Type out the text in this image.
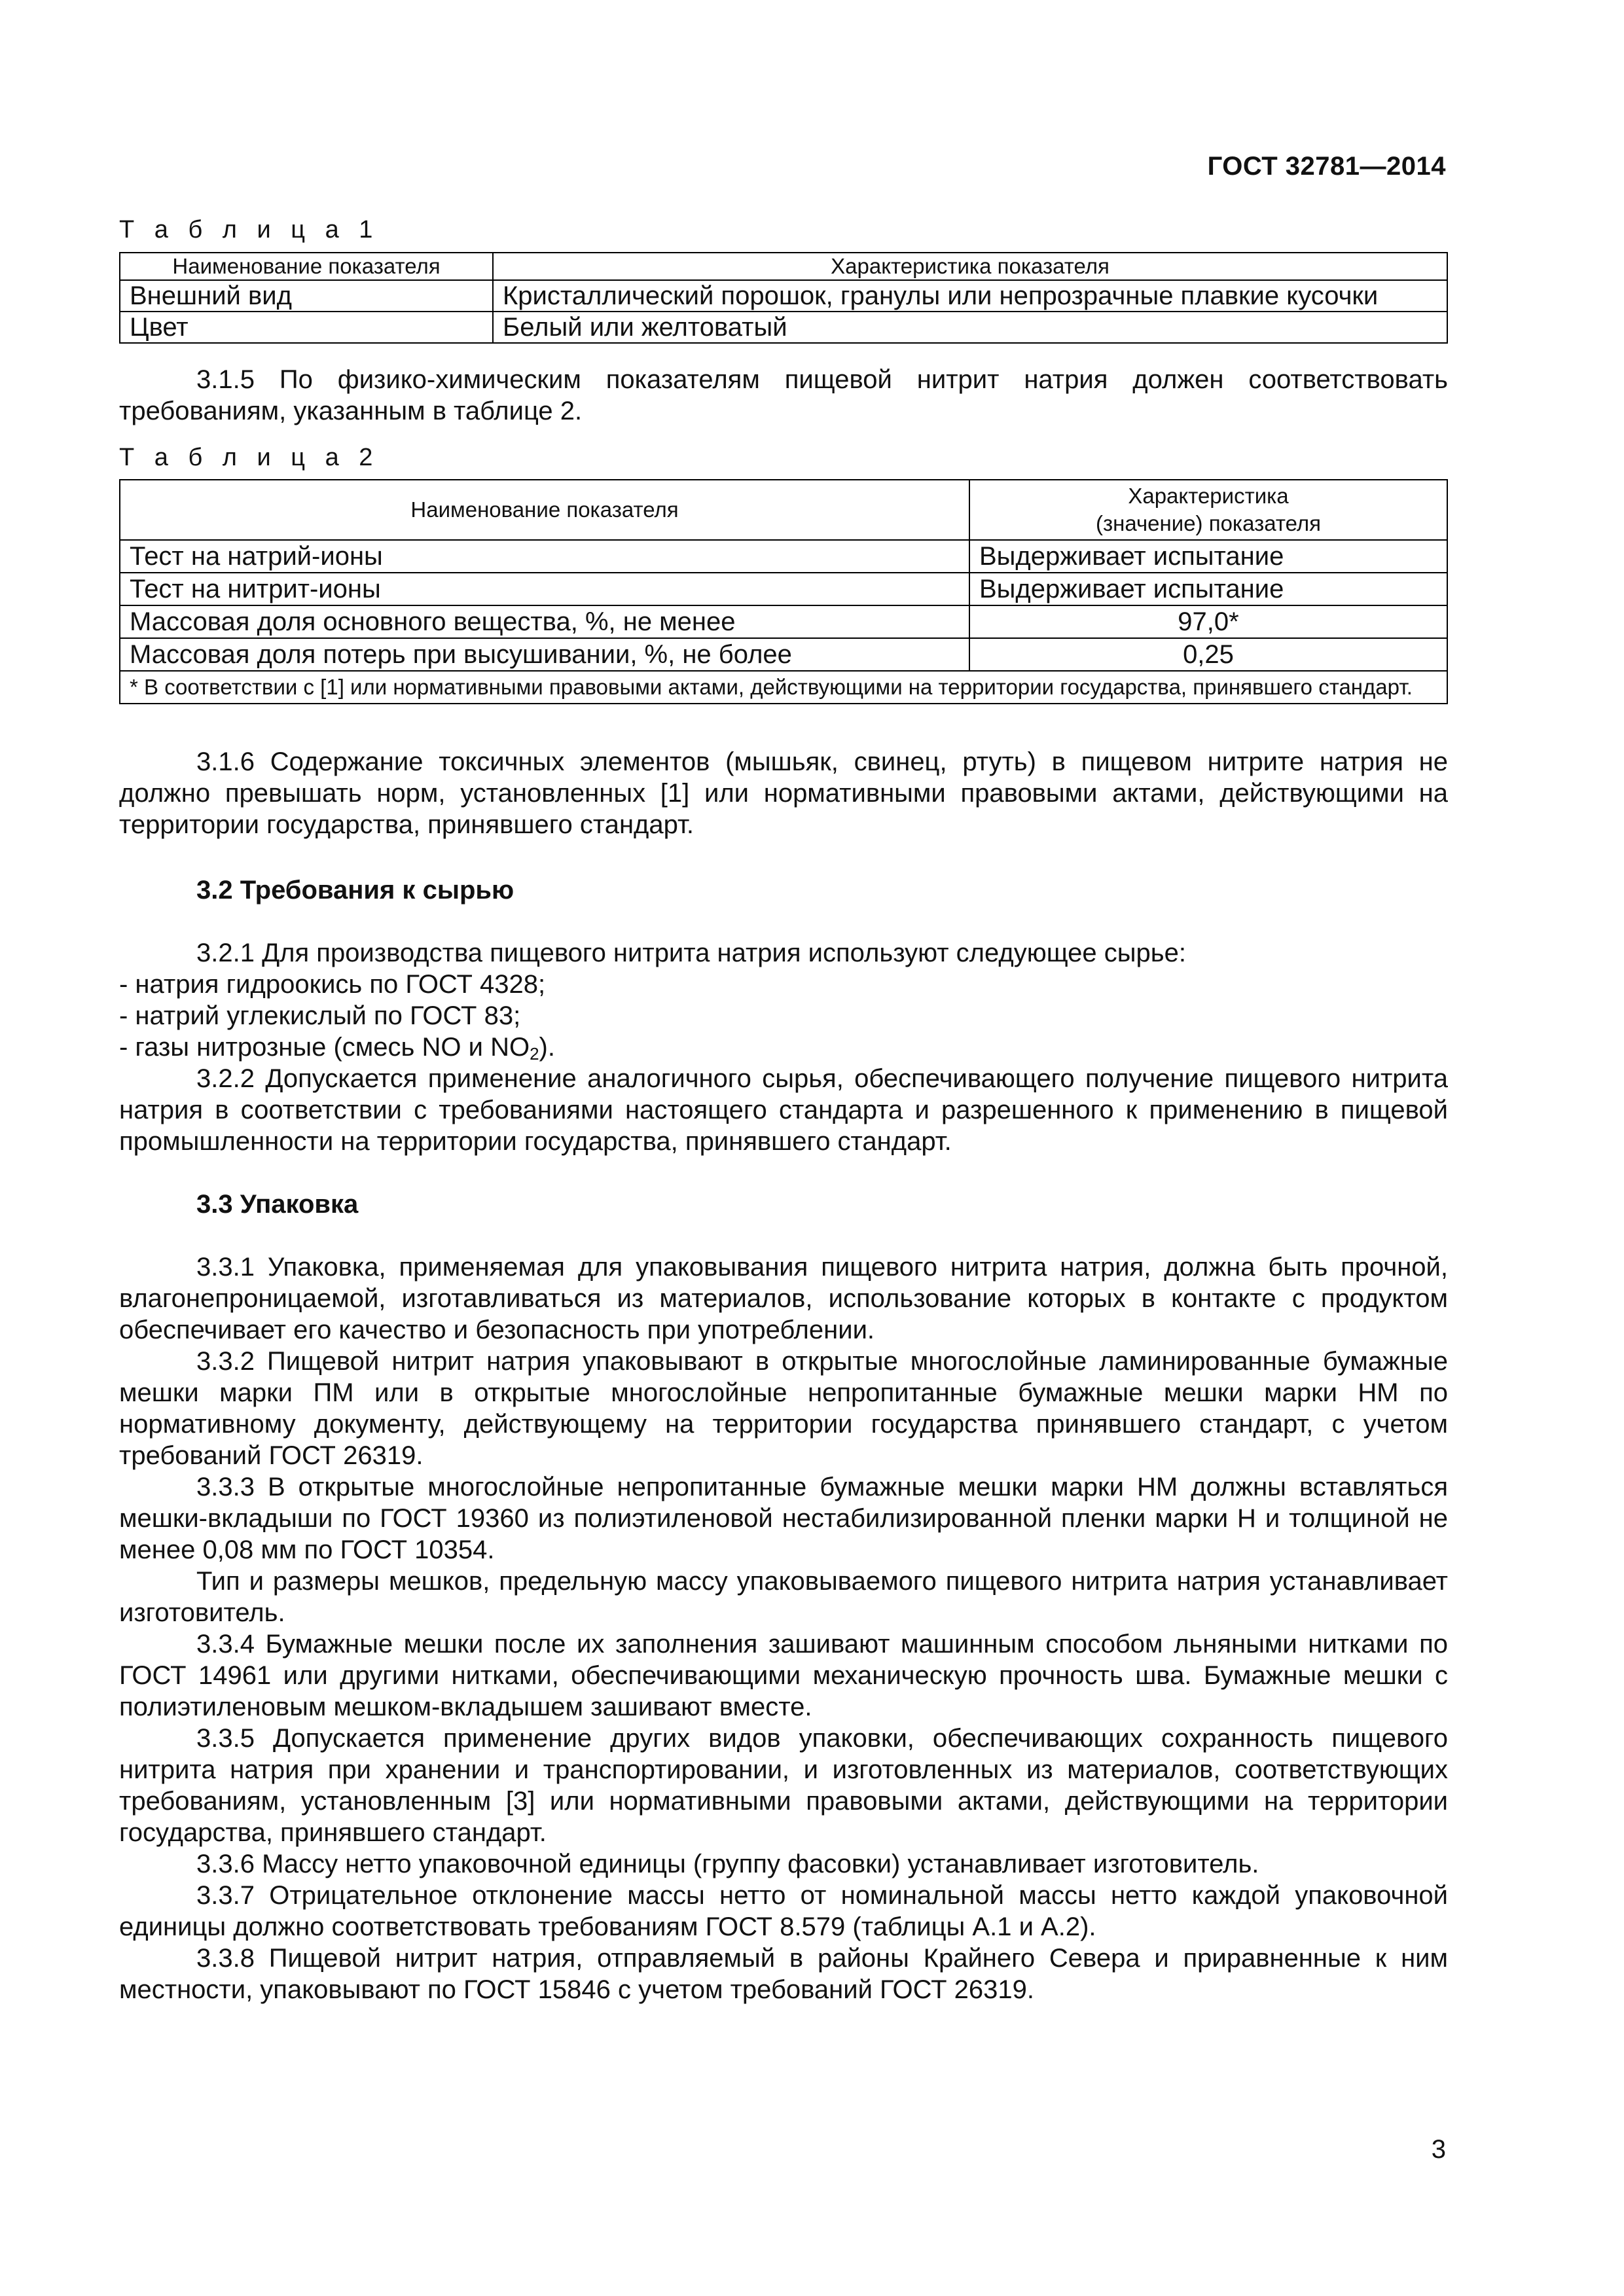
ГОСТ 32781—2014
Т а б л и ц а 1
Наименование показателя	Характеристика показателя
Внешний вид	Кристаллический порошок, гранулы или непрозрачные плавкие кусочки
Цвет	Белый или желтоватый
3.1.5 По физико-химическим показателям пищевой нитрит натрия должен соответствовать требованиям, указанным в таблице 2.
Т а б л и ц а 2
Наименование показателя	Характеристика
(значение) показателя

Тест на натрий-ионы	Выдерживает испытание
Тест на нитрит-ионы	Выдерживает испытание
Массовая доля основного вещества, %, не менее	97,0*
Массовая доля потерь при высушивании, %, не более	0,25
* В соответствии с [1] или нормативными правовыми актами, действующими на территории государства, принявшего стандарт.	
3.1.6 Содержание токсичных элементов (мышьяк, свинец, ртуть) в пищевом нитрите натрия не должно превышать норм, установленных [1] или нормативными правовыми актами, действующими на территории государства, принявшего стандарт.
3.2 Требования к сырью
3.2.1 Для производства пищевого нитрита натрия используют следующее сырье:
- натрия гидроокись по ГОСТ 4328;
- натрий углекислый по ГОСТ 83;
- газы нитрозные (смесь NO и $NO_2$).
3.2.2 Допускается применение аналогичного сырья, обеспечивающего получение пищевого нитрита натрия в соответствии с требованиями настоящего стандарта и разрешенного к применению в пищевой промышленности на территории государства, принявшего стандарт.
3.3 Упаковка
3.3.1 Упаковка, применяемая для упаковывания пищевого нитрита натрия, должна быть прочной, влагонепроницаемой, изготавливаться из материалов, использование которых в контакте с продуктом обеспечивает его качество и безопасность при употреблении.
3.3.2 Пищевой нитрит натрия упаковывают в открытые многослойные ламинированные бумажные мешки марки ПМ или в открытые многослойные непропитанные бумажные мешки марки НМ по нормативному документу, действующему на территории государства принявшего стандарт, с учетом требований ГОСТ 26319.
3.3.3 В открытые многослойные непропитанные бумажные мешки марки НМ должны вставляться мешки-вкладыши по ГОСТ 19360 из полиэтиленовой нестабилизированной пленки марки Н и толщиной не менее 0,08 мм по ГОСТ 10354.
Тип и размеры мешков, предельную массу упаковываемого пищевого нитрита натрия устанавливает изготовитель.
3.3.4 Бумажные мешки после их заполнения зашивают машинным способом льняными нитками по ГОСТ 14961 или другими нитками, обеспечивающими механическую прочность шва. Бумажные мешки с полиэтиленовым мешком-вкладышем зашивают вместе.
3.3.5 Допускается применение других видов упаковки, обеспечивающих сохранность пищевого нитрита натрия при хранении и транспортировании, и изготовленных из материалов, соответствующих требованиям, установленным [3] или нормативными правовыми актами, действующими на территории государства, принявшего стандарт.
3.3.6 Массу нетто упаковочной единицы (группу фасовки) устанавливает изготовитель.
3.3.7 Отрицательное отклонение массы нетто от номинальной массы нетто каждой упаковочной единицы должно соответствовать требованиям ГОСТ 8.579 (таблицы А.1 и А.2).
3.3.8 Пищевой нитрит натрия, отправляемый в районы Крайнего Севера и приравненные к ним местности, упаковывают по ГОСТ 15846 с учетом требований ГОСТ 26319.
3
